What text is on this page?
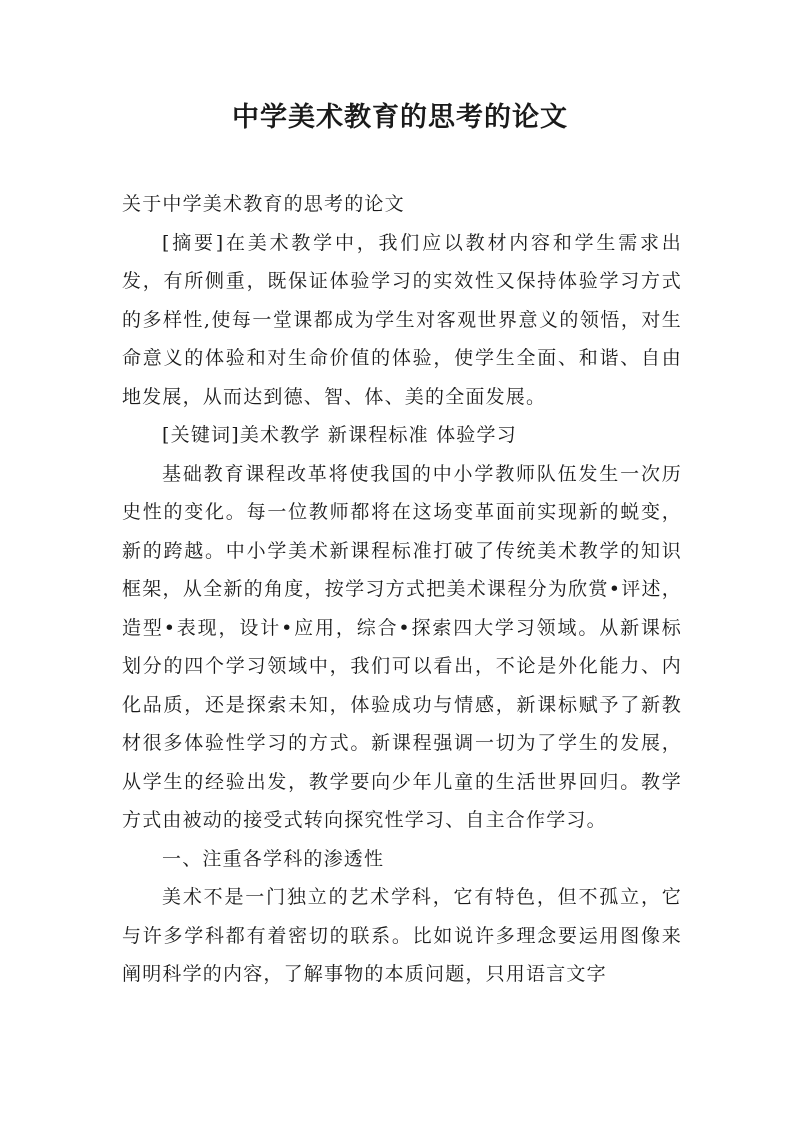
中学美术教育的思考的论文

关于中学美术教育的思考的论文

[摘要]在美术教学中，我们应以教材内容和学生需求出发，有所侧重，既保证体验学习的实效性又保持体验学习方式的多样性,使每一堂课都成为学生对客观世界意义的领悟，对生命意义的体验和对生命价值的体验，使学生全面、和谐、自由地发展，从而达到德、智、体、美的全面发展。

[关键词]美术教学 新课程标准 体验学习

基础教育课程改革将使我国的中小学教师队伍发生一次历史性的变化。每一位教师都将在这场变革面前实现新的蜕变，新的跨越。中小学美术新课程标准打破了传统美术教学的知识框架，从全新的角度，按学习方式把美术课程分为欣赏•评述，造型•表现，设计•应用，综合•探索四大学习领域。从新课标划分的四个学习领域中，我们可以看出，不论是外化能力、内化品质，还是探索未知，体验成功与情感，新课标赋予了新教材很多体验性学习的方式。新课程强调一切为了学生的发展，从学生的经验出发，教学要向少年儿童的生活世界回归。教学方式由被动的接受式转向探究性学习、自主合作学习。

一、注重各学科的渗透性

美术不是一门独立的艺术学科，它有特色，但不孤立，它与许多学科都有着密切的联系。比如说许多理念要运用图像来阐明科学的内容，了解事物的本质问题，只用语言文字
